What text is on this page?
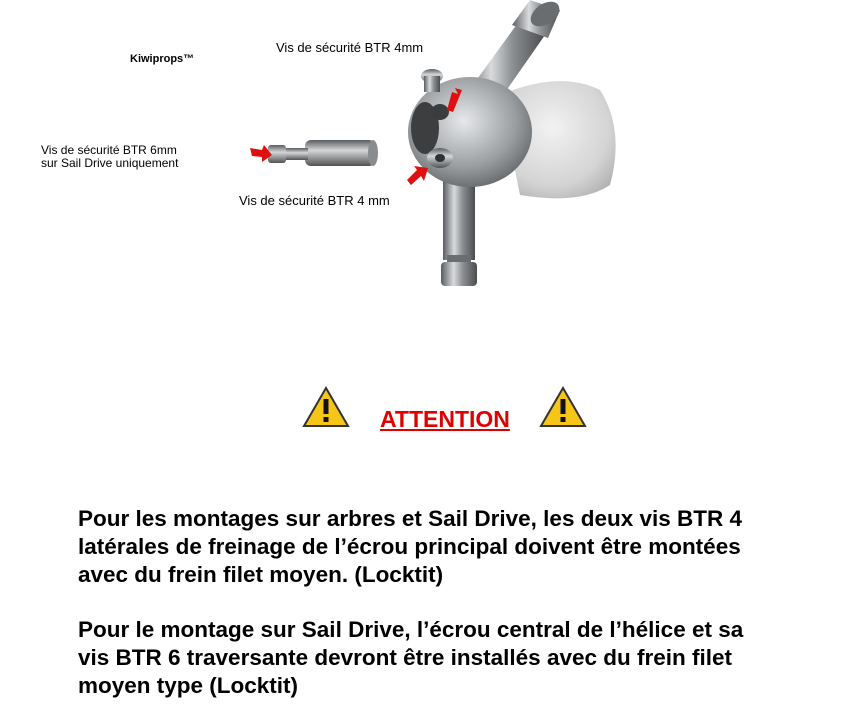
Kiwiprops™
Vis de sécurité BTR 4mm
Vis de sécurité BTR 6mm
sur Sail Drive uniquement
Vis de sécurité BTR 4 mm
ATTENTION
Pour les montages sur arbres et Sail Drive, les deux vis BTR 4
latérales de freinage de l’écrou principal doivent être montées
avec du frein filet moyen. (Locktit)
Pour le montage sur Sail Drive, l’écrou central de l’hélice et sa
vis BTR 6 traversante devront être installés avec du frein filet
moyen type (Locktit)
